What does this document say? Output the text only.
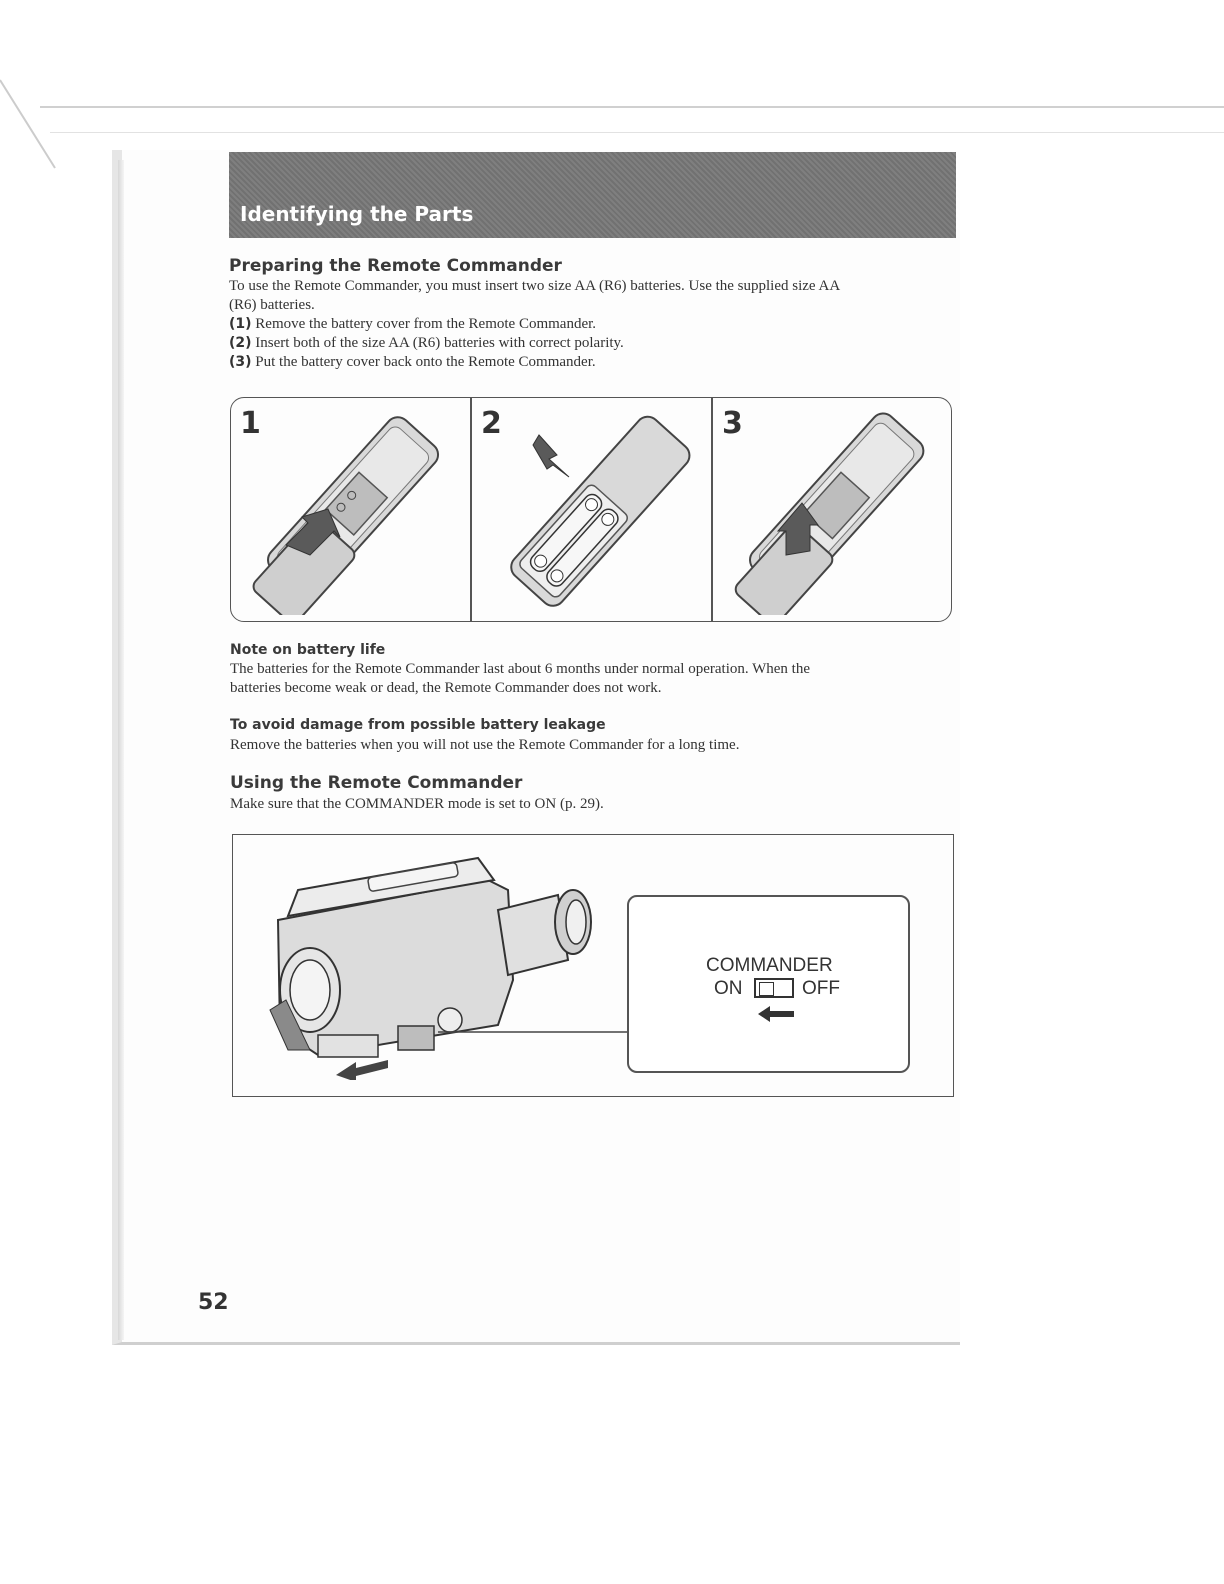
Identifying the Parts
Preparing the Remote Commander
To use the Remote Commander, you must insert two size AA (R6) batteries. Use the supplied size AA
(R6) batteries.
(1) Remove the battery cover from the Remote Commander.
(2) Insert both of the size AA (R6) batteries with correct polarity.
(3) Put the battery cover back onto the Remote Commander.
1	2	3
Note on battery life
The batteries for the Remote Commander last about 6 months under normal operation. When the
batteries become weak or dead, the Remote Commander does not work.
To avoid damage from possible battery leakage
Remove the batteries when you will not use the Remote Commander for a long time.
Using the Remote Commander
Make sure that the COMMANDER mode is set to ON (p. 29).
COMMANDER
ON	OFF
52
